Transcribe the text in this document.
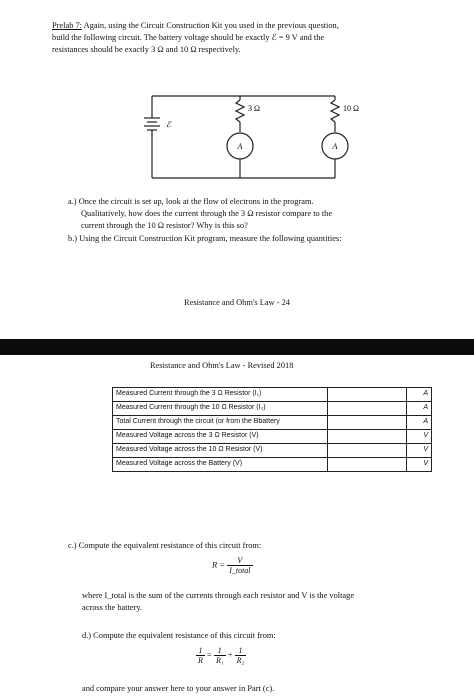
Prelab 7: Again, using the Circuit Construction Kit you used in the previous question,
build the following circuit. The battery voltage should be exactly ℰ = 9 V and the
resistances should be exactly 3 Ω and 10 Ω respectively.
3 Ω	10 Ω
ℰ
A	A
a.) Once the circuit is set up, look at the flow of electrons in the program.
Qualitatively, how does the current through the 3 Ω resistor compare to the
current through the 10 Ω resistor? Why is this so?
b.) Using the Circuit Construction Kit program, measure the following quantities:
Resistance and Ohm's Law - 24
Resistance and Ohm's Law - Revised 2018
Measured Current through the 3 Ω Resistor (I₁)		A
Measured Current through the 10 Ω Resistor (I₂)		A
Total Current through the circuit (or from the Bbattery		A
Measured Voltage across the 3 Ω Resistor (V)		V
Measured Voltage across the 10 Ω Resistor (V)		V
Measured Voltage across the Battery (V)		V
c.) Compute the equivalent resistance of this circuit from:
$R = \frac{V}{\text{I\_total}}$
where I_total is the sum of the currents through each resistor and V is the voltage
across the battery.
d.) Compute the equivalent resistance of this circuit from:
$\frac{1}{R} = \frac{1}{\text{R₁}} + \frac{1}{\text{R₂}}$
and compare your answer here to your answer in Part (c).
